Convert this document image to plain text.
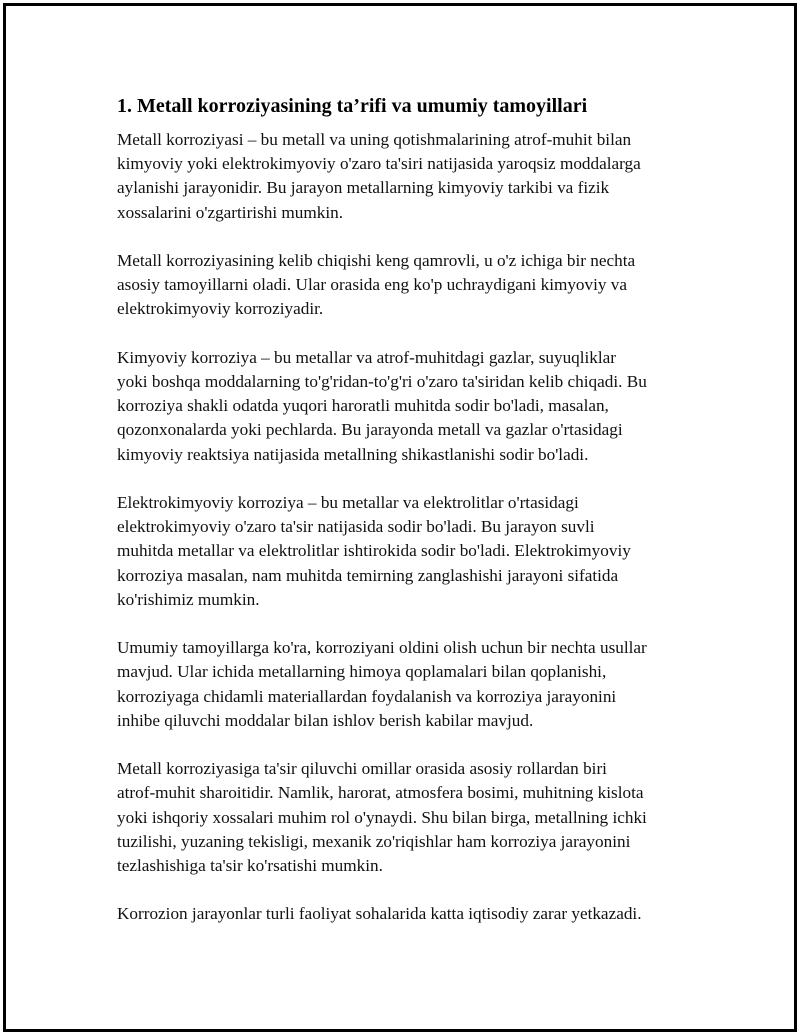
1. Metall korroziyasining ta’rifi va umumiy tamoyillari

Metall korroziyasi – bu metall va uning qotishmalarining atrof-muhit bilan
kimyoviy yoki elektrokimyoviy o'zaro ta'siri natijasida yaroqsiz moddalarga
aylanishi jarayonidir. Bu jarayon metallarning kimyoviy tarkibi va fizik
xossalarini o'zgartirishi mumkin.

Metall korroziyasining kelib chiqishi keng qamrovli, u o'z ichiga bir nechta
asosiy tamoyillarni oladi. Ular orasida eng ko'p uchraydigani kimyoviy va
elektrokimyoviy korroziyadir.

Kimyoviy korroziya – bu metallar va atrof-muhitdagi gazlar, suyuqliklar
yoki boshqa moddalarning to'g'ridan-to'g'ri o'zaro ta'siridan kelib chiqadi. Bu
korroziya shakli odatda yuqori haroratli muhitda sodir bo'ladi, masalan,
qozonxonalarda yoki pechlarda. Bu jarayonda metall va gazlar o'rtasidagi
kimyoviy reaktsiya natijasida metallning shikastlanishi sodir bo'ladi.

Elektrokimyoviy korroziya – bu metallar va elektrolitlar o'rtasidagi
elektrokimyoviy o'zaro ta'sir natijasida sodir bo'ladi. Bu jarayon suvli
muhitda metallar va elektrolitlar ishtirokida sodir bo'ladi. Elektrokimyoviy
korroziya masalan, nam muhitda temirning zanglashishi jarayoni sifatida
ko'rishimiz mumkin.

Umumiy tamoyillarga ko'ra, korroziyani oldini olish uchun bir nechta usullar
mavjud. Ular ichida metallarning himoya qoplamalari bilan qoplanishi,
korroziyaga chidamli materiallardan foydalanish va korroziya jarayonini
inhibe qiluvchi moddalar bilan ishlov berish kabilar mavjud.

Metall korroziyasiga ta'sir qiluvchi omillar orasida asosiy rollardan biri
atrof-muhit sharoitidir. Namlik, harorat, atmosfera bosimi, muhitning kislota
yoki ishqoriy xossalari muhim rol o'ynaydi. Shu bilan birga, metallning ichki
tuzilishi, yuzaning tekisligi, mexanik zo'riqishlar ham korroziya jarayonini
tezlashishiga ta'sir ko'rsatishi mumkin.

Korrozion jarayonlar turli faoliyat sohalarida katta iqtisodiy zarar yetkazadi.
